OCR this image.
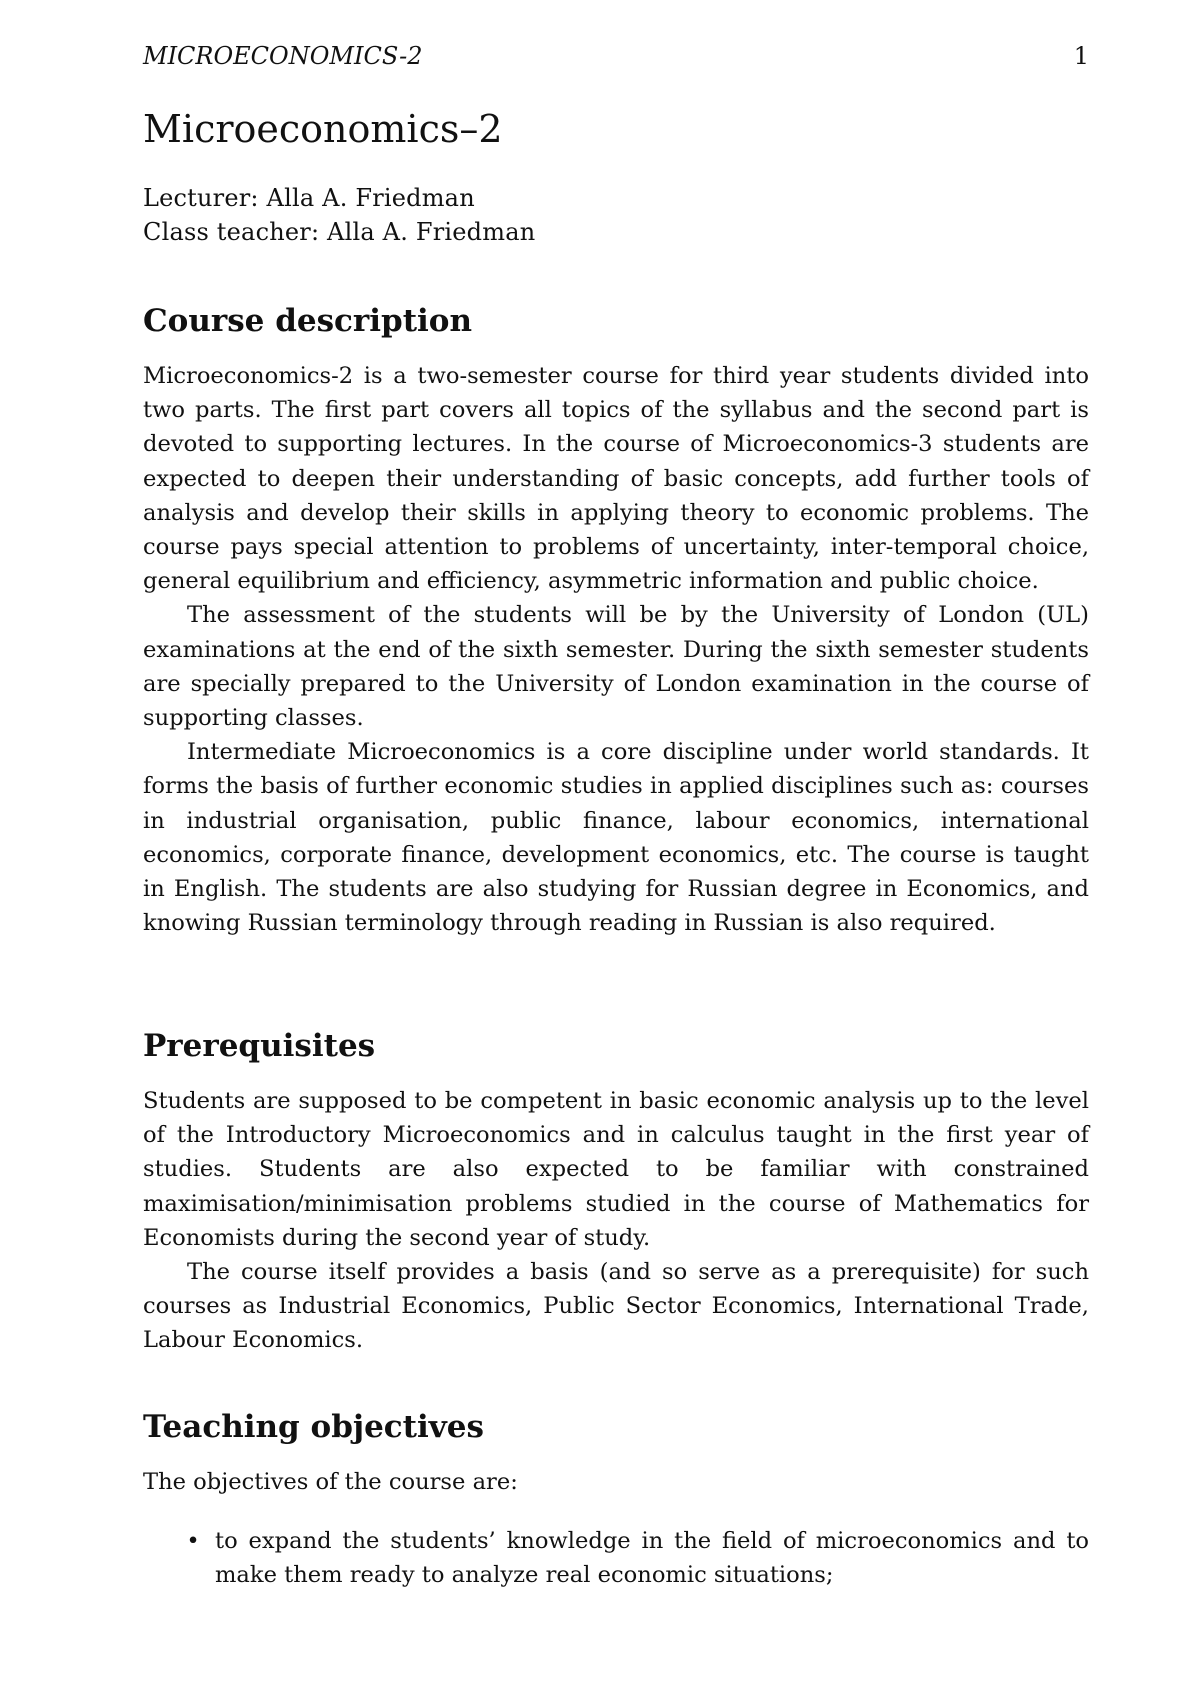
MICROECONOMICS-2	1
Microeconomics–2
Lecturer: Alla A. Friedman
Class teacher: Alla A. Friedman
Course description

Microeconomics-2 is a two-semester course for third year students divided into two parts. The first part covers all topics of the syllabus and the second part is devoted to supporting lectures. In the course of Microeconomics-3 students are expected to deepen their understanding of basic concepts, add further tools of analysis and develop their skills in applying theory to economic problems. The course pays special attention to problems of uncertainty, inter-temporal choice, general equilibrium and efficiency, asymmetric information and public choice.

The assessment of the students will be by the University of London (UL) examinations at the end of the sixth semester. During the sixth semester students are specially prepared to the University of London examination in the course of supporting classes.

Intermediate Microeconomics is a core discipline under world standards. It forms the basis of further economic studies in applied disciplines such as: courses in industrial organisation, public finance, labour economics, international economics, corporate finance, development economics, etc. The course is taught in English. The students are also studying for Russian degree in Economics, and knowing Russian terminology through reading in Russian is also required.

Prerequisites

Students are supposed to be competent in basic economic analysis up to the level of the Introductory Microeconomics and in calculus taught in the first year of studies. Students are also expected to be familiar with constrained maximisation/minimisation problems studied in the course of Mathematics for Economists during the second year of study.

The course itself provides a basis (and so serve as a prerequisite) for such courses as Industrial Economics, Public Sector Economics, International Trade, Labour Economics.

Teaching objectives

The objectives of the course are:

• to expand the students’ knowledge in the field of microeconomics and to make them ready to analyze real economic situations;
